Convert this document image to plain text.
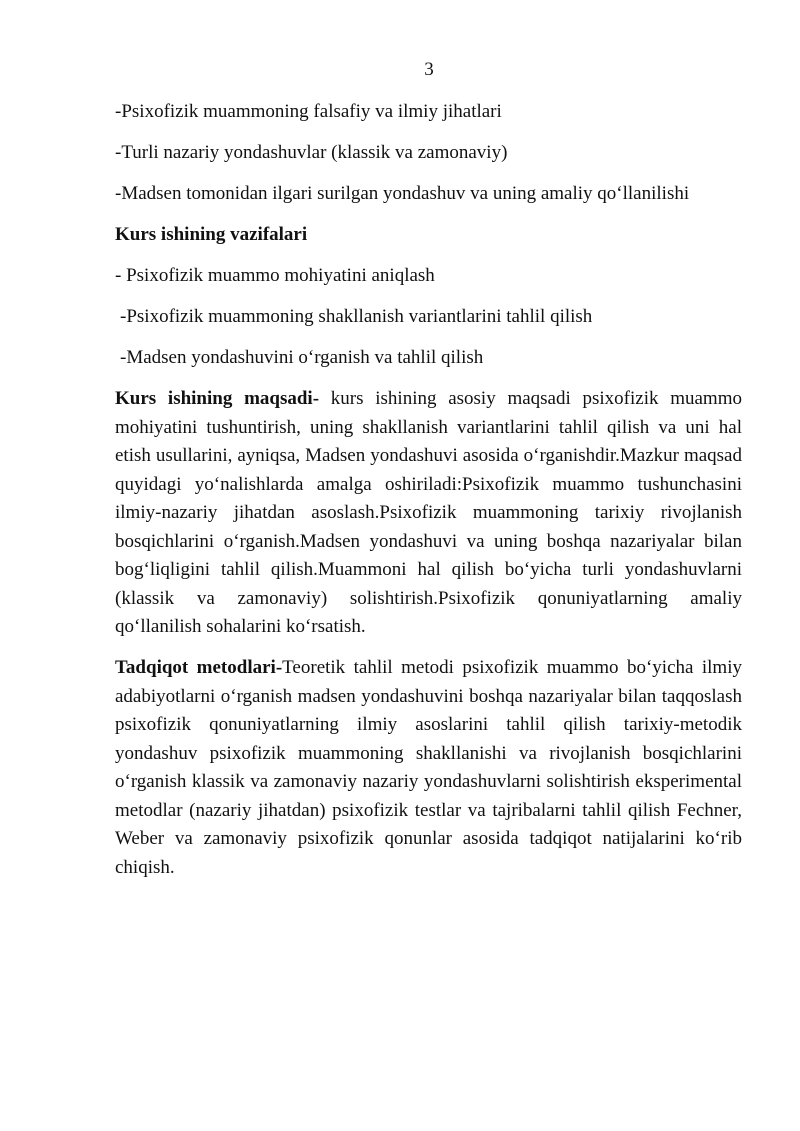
3

-Psixofizik muammoning falsafiy va ilmiy jihatlari

-Turli nazariy yondashuvlar (klassik va zamonaviy)

-Madsen tomonidan ilgari surilgan yondashuv va uning amaliy qo‘llanilishi

Kurs ishining vazifalari

- Psixofizik muammo mohiyatini aniqlash

-Psixofizik muammoning shakllanish variantlarini tahlil qilish

-Madsen yondashuvini o‘rganish va tahlil qilish

Kurs ishining maqsadi- kurs ishining asosiy maqsadi psixofizik muammo mohiyatini tushuntirish, uning shakllanish variantlarini tahlil qilish va uni hal etish usullarini, ayniqsa, Madsen yondashuvi asosida o‘rganishdir.Mazkur maqsad quyidagi yo‘nalishlarda amalga oshiriladi:Psixofizik muammo tushunchasini ilmiy-nazariy jihatdan asoslash.Psixofizik muammoning tarixiy rivojlanish bosqichlarini o‘rganish.Madsen yondashuvi va uning boshqa nazariyalar bilan bog‘liqligini tahlil qilish.Muammoni hal qilish bo‘yicha turli yondashuvlarni (klassik va zamonaviy) solishtirish.Psixofizik qonuniyatlarning amaliy qo‘llanilish sohalarini ko‘rsatish.

Tadqiqot metodlari-Teoretik tahlil metodi psixofizik muammo bo‘yicha ilmiy adabiyotlarni o‘rganish madsen yondashuvini boshqa nazariyalar bilan taqqoslash psixofizik qonuniyatlarning ilmiy asoslarini tahlil qilish tarixiy-metodik yondashuv psixofizik muammoning shakllanishi va rivojlanish bosqichlarini o‘rganish klassik va zamonaviy nazariy yondashuvlarni solishtirish eksperimental metodlar (nazariy jihatdan) psixofizik testlar va tajribalarni tahlil qilish Fechner, Weber va zamonaviy psixofizik qonunlar asosida tadqiqot natijalarini ko‘rib chiqish.
